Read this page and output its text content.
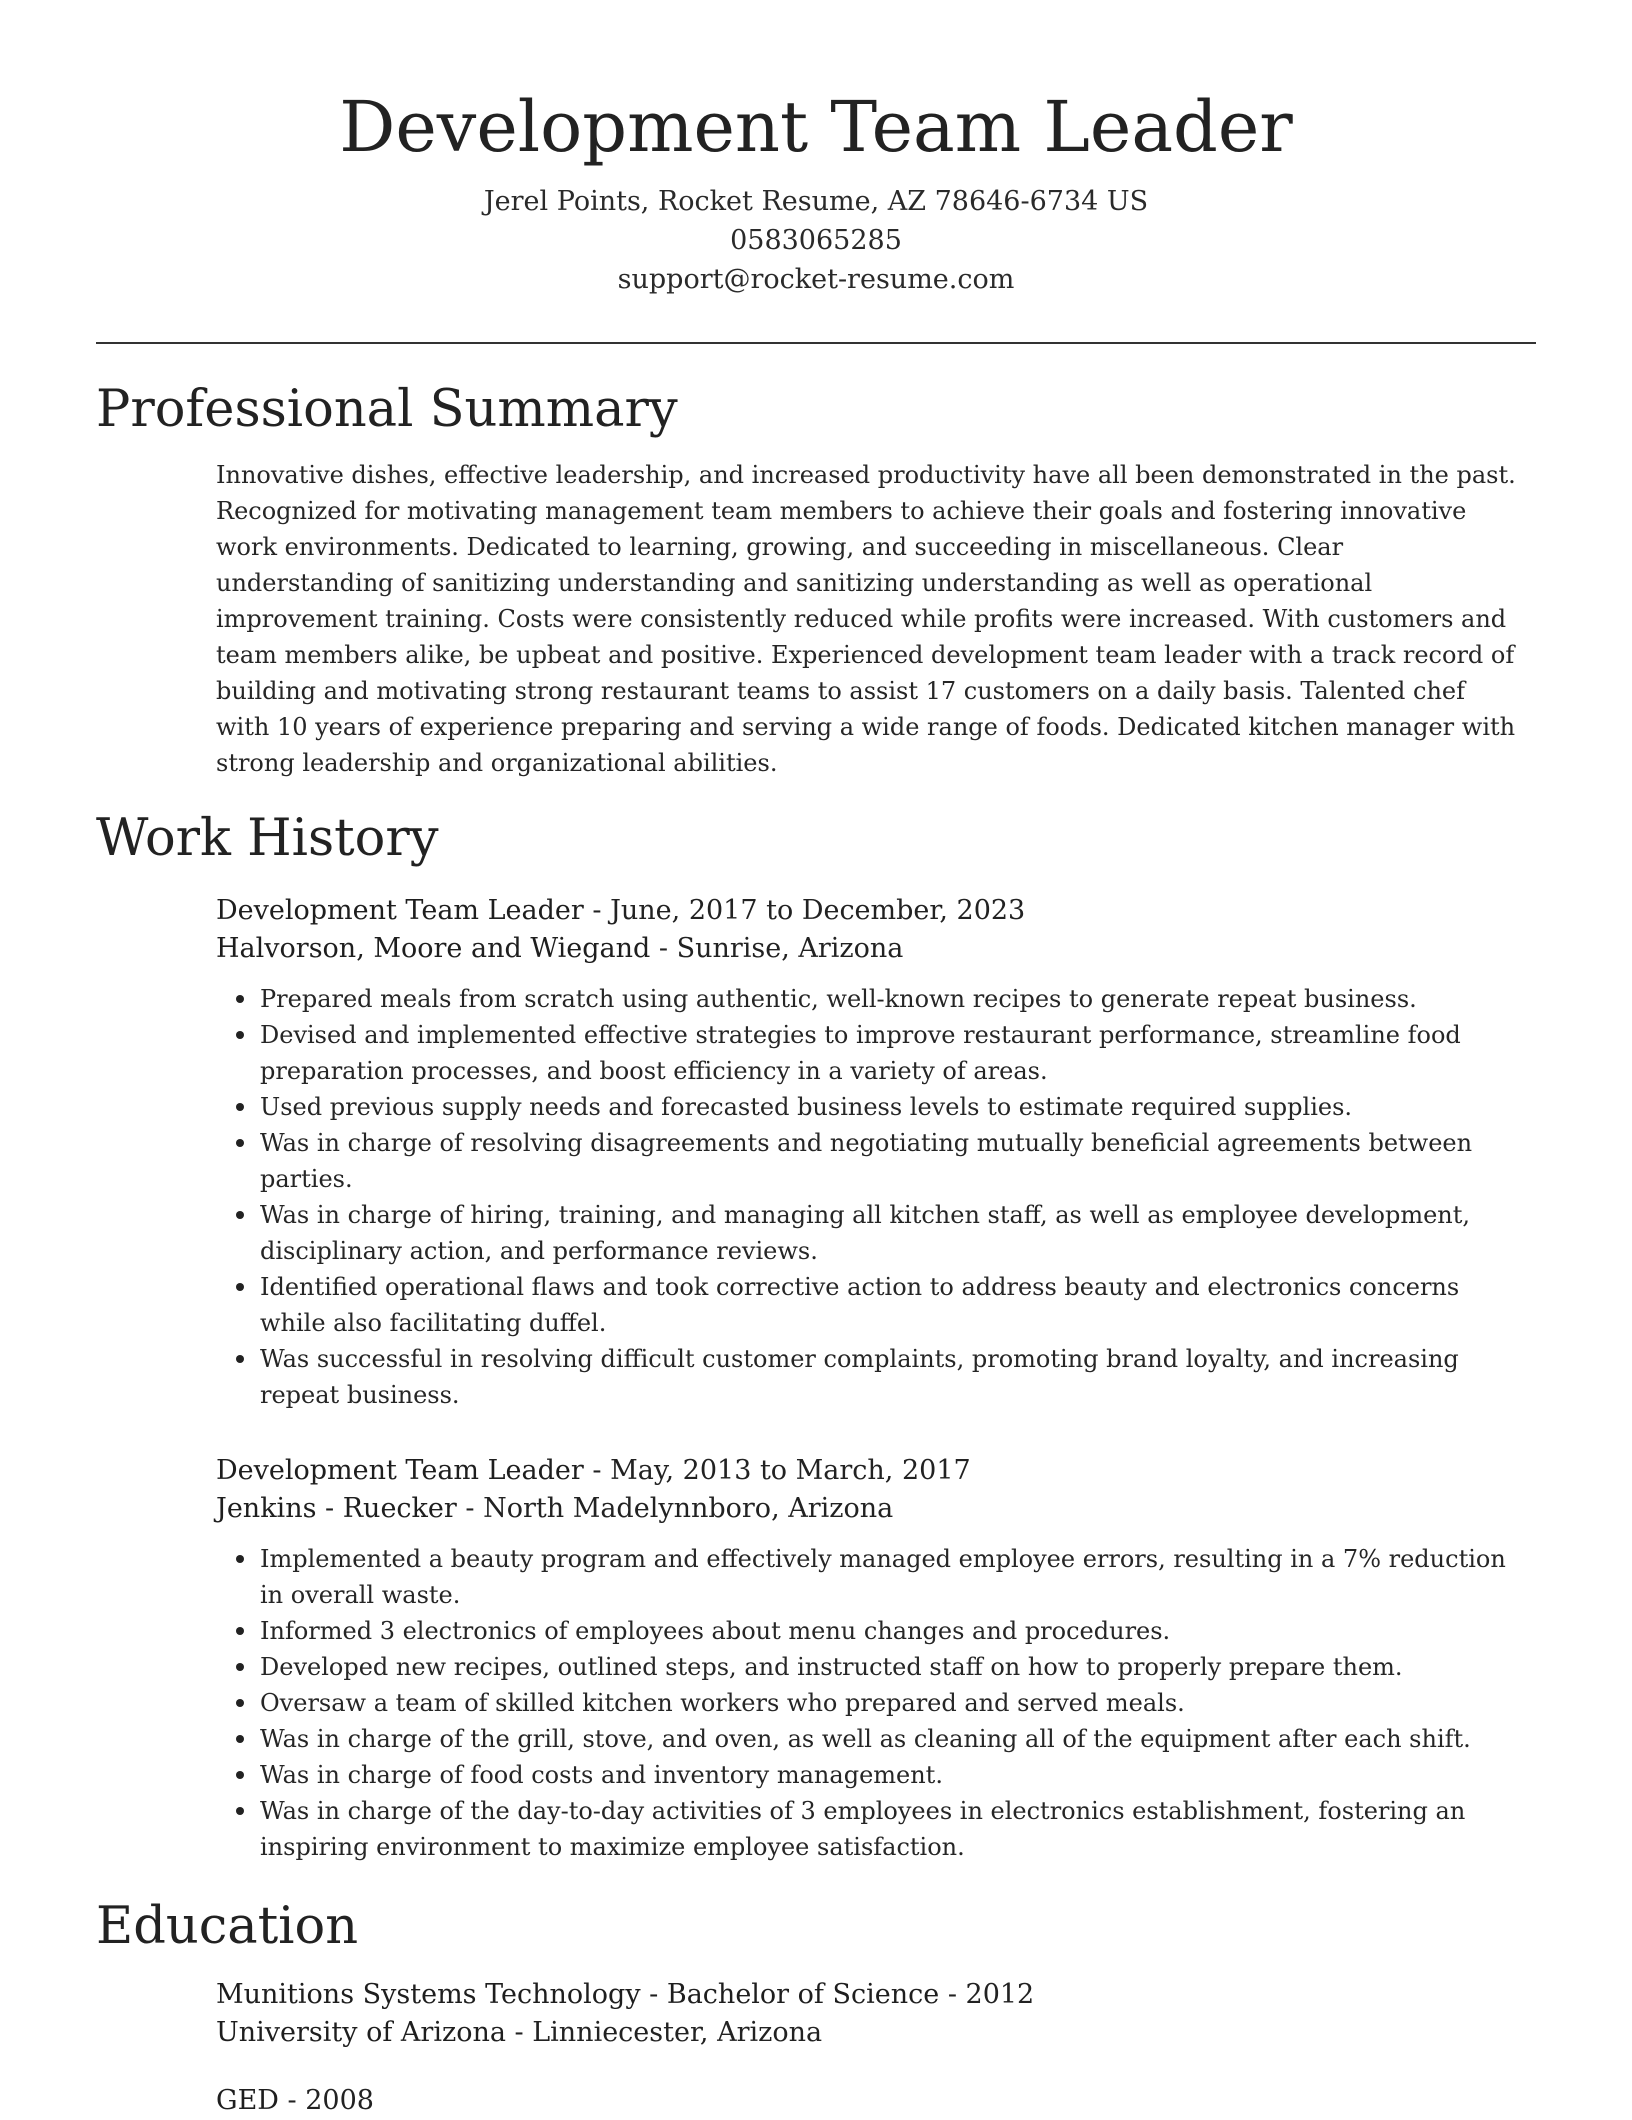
Development Team Leader
Jerel Points, Rocket Resume, AZ 78646-6734 US
0583065285
support@rocket-resume.com
Professional Summary
Innovative dishes, effective leadership, and increased productivity have all been demonstrated in the past. Recognized for motivating management team members to achieve their goals and fostering innovative work environments. Dedicated to learning, growing, and succeeding in miscellaneous. Clear understanding of sanitizing understanding and sanitizing understanding as well as operational improvement training. Costs were consistently reduced while profits were increased. With customers and team members alike, be upbeat and positive. Experienced development team leader with a track record of building and motivating strong restaurant teams to assist 17 customers on a daily basis. Talented chef with 10 years of experience preparing and serving a wide range of foods. Dedicated kitchen manager with strong leadership and organizational abilities.
Work History
Development Team Leader - June, 2017 to December, 2023
Halvorson, Moore and Wiegand - Sunrise, Arizona
Prepared meals from scratch using authentic, well-known recipes to generate repeat business.
Devised and implemented effective strategies to improve restaurant performance, streamline food preparation processes, and boost efficiency in a variety of areas.
Used previous supply needs and forecasted business levels to estimate required supplies.
Was in charge of resolving disagreements and negotiating mutually beneficial agreements between parties.
Was in charge of hiring, training, and managing all kitchen staff, as well as employee development, disciplinary action, and performance reviews.
Identified operational flaws and took corrective action to address beauty and electronics concerns while also facilitating duffel.
Was successful in resolving difficult customer complaints, promoting brand loyalty, and increasing repeat business.
Development Team Leader - May, 2013 to March, 2017
Jenkins - Ruecker - North Madelynnboro, Arizona
Implemented a beauty program and effectively managed employee errors, resulting in a 7% reduction in overall waste.
Informed 3 electronics of employees about menu changes and procedures.
Developed new recipes, outlined steps, and instructed staff on how to properly prepare them.
Oversaw a team of skilled kitchen workers who prepared and served meals.
Was in charge of the grill, stove, and oven, as well as cleaning all of the equipment after each shift.
Was in charge of food costs and inventory management.
Was in charge of the day-to-day activities of 3 employees in electronics establishment, fostering an inspiring environment to maximize employee satisfaction.
Education
Munitions Systems Technology - Bachelor of Science - 2012
University of Arizona - Linniecester, Arizona
GED - 2008
